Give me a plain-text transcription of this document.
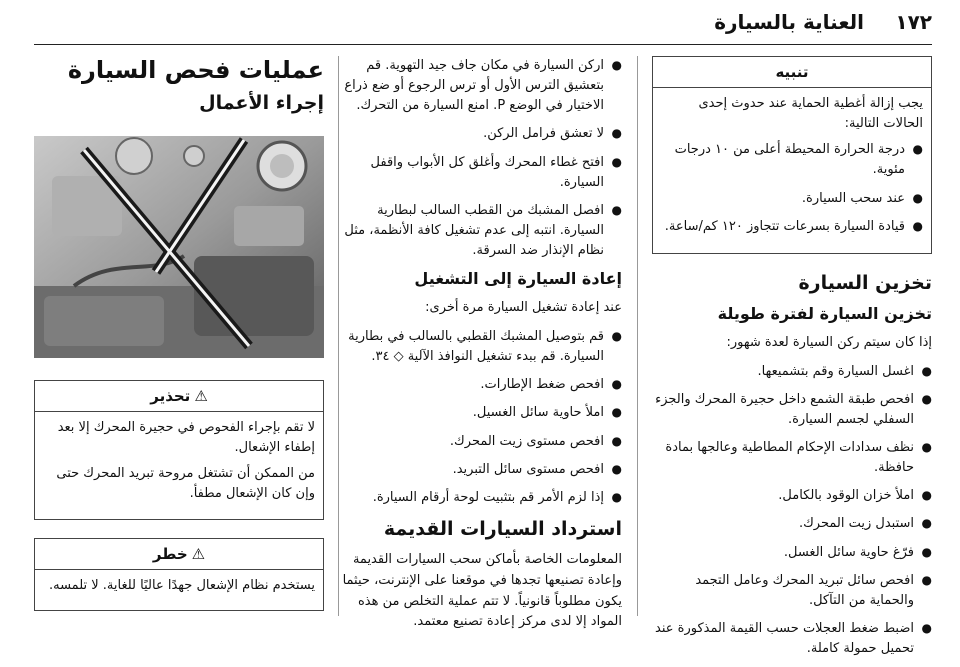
١٧٢
العناية بالسيارة
تنبيه

يجب إزالة أغطية الحماية عند حدوث إحدى الحالات التالية:

● درجة الحرارة المحيطة أعلى من ١٠ درجات مئوية.
● عند سحب السيارة.
● قيادة السيارة بسرعات تتجاوز ١٢٠ كم/ساعة.
تخزين السيارة
تخزين السيارة لفترة طويلة

إذا كان سيتم ركن السيارة لعدة شهور:

● اغسل السيارة وقم بتشميعها.
● افحص طبقة الشمع داخل حجيرة المحرك والجزء السفلي لجسم السيارة.
● نظف سدادات الإحكام المطاطية وعالجها بمادة حافظة.
● املأ خزان الوقود بالكامل.
● استبدل زيت المحرك.
● فرّغ حاوية سائل الغسل.
● افحص سائل تبريد المحرك وعامل التجمد والحماية من التآكل.
● اضبط ضغط العجلات حسب القيمة المذكورة عند تحميل حمولة كاملة.
● اركن السيارة في مكان جاف جيد التهوية. قم بتعشيق الترس الأول أو ترس الرجوع أو ضع ذراع الاختيار في الوضع P. امنع السيارة من التحرك.
● لا تعشق فرامل الركن.
● افتح غطاء المحرك وأغلق كل الأبواب واقفل السيارة.
● افصل المشبك من القطب السالب لبطارية السيارة. انتبه إلى عدم تشغيل كافة الأنظمة، مثل نظام الإنذار ضد السرقة.
إعادة السيارة إلى التشغيل

عند إعادة تشغيل السيارة مرة أخرى:

● قم بتوصيل المشبك القطبي بالسالب في بطارية السيارة. قم ببدء تشغيل النوافذ الآلية ◇ ٣٤.
● افحص ضغط الإطارات.
● املأ حاوية سائل الغسيل.
● افحص مستوى زيت المحرك.
● افحص مستوى سائل التبريد.
● إذا لزم الأمر قم بتثبيت لوحة أرقام السيارة.
استرداد السيارات القديمة

المعلومات الخاصة بأماكن سحب السيارات القديمة وإعادة تصنيعها تجدها في موقعنا على الإنترنت، حيثما يكون مطلوباً قانونياً. لا تتم عملية التخلص من هذه المواد إلا لدى مركز إعادة تصنيع معتمد.

عمليات فحص السيارة
إجراء الأعمال
⚠تحذير

لا تقم بإجراء الفحوص في حجيرة المحرك إلا بعد إطفاء الإشعال.

من الممكن أن تشتغل مروحة تبريد المحرك حتى وإن كان الإشعال مطفأ.

⚠خطر

يستخدم نظام الإشعال جهدًا عاليًا للغاية. لا تلمسه.
